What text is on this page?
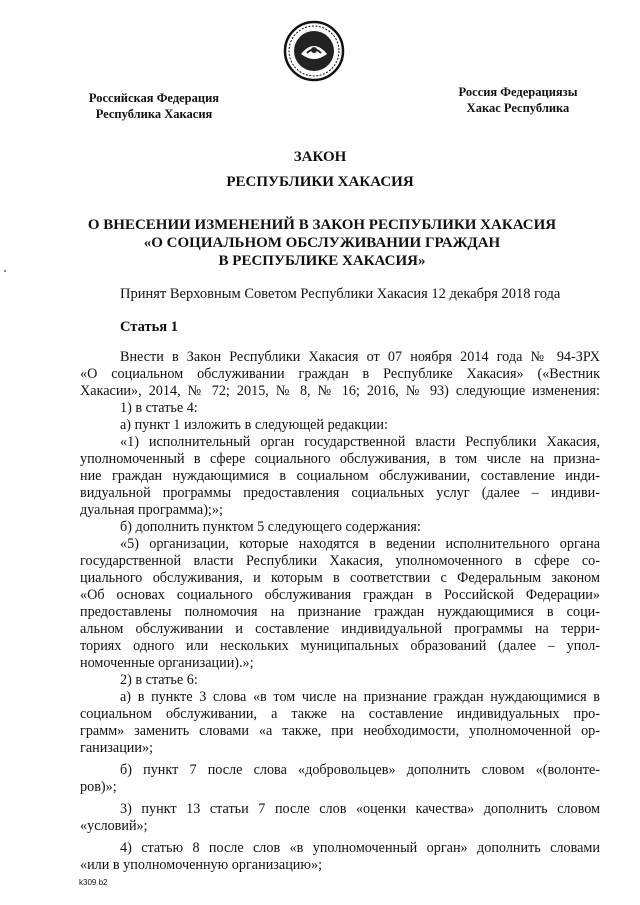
Российская Федерация
Республика Хакасия
Россия Федерациязы
Хакас Республика
ЗАКОН
РЕСПУБЛИКИ ХАКАСИЯ
О ВНЕСЕНИИ ИЗМЕНЕНИЙ В ЗАКОН РЕСПУБЛИКИ ХАКАСИЯ
«О СОЦИАЛЬНОМ ОБСЛУЖИВАНИИ ГРАЖДАН
В РЕСПУБЛИКЕ ХАКАСИЯ»
Принят Верховным Советом Республики Хакасия 12 декабря 2018 года
Статья 1
Внести в Закон Республики Хакасия от 07 ноября 2014 года № 94-ЗРХ
«О социальном обслуживании граждан в Республике Хакасия» («Вестник
Хакасии», 2014, № 72; 2015, № 8, № 16; 2016, № 93) следующие изменения:
1) в статье 4:
а) пункт 1 изложить в следующей редакции:
«1) исполнительный орган государственной власти Республики Хакасия,
уполномоченный в сфере социального обслуживания, в том числе на призна-
ние граждан нуждающимися в социальном обслуживании, составление инди-
видуальной программы предоставления социальных услуг (далее – индиви-
дуальная программа);»;
б) дополнить пунктом 5 следующего содержания:
«5) организации, которые находятся в ведении исполнительного органа
государственной власти Республики Хакасия, уполномоченного в сфере со-
циального обслуживания, и которым в соответствии с Федеральным законом
«Об основах социального обслуживания граждан в Российской Федерации»
предоставлены полномочия на признание граждан нуждающимися в соци-
альном обслуживании и составление индивидуальной программы на терри-
ториях одного или нескольких муниципальных образований (далее – упол-
номоченные организации).»;
2) в статье 6:
а) в пункте 3 слова «в том числе на признание граждан нуждающимися в
социальном обслуживании, а также на составление индивидуальных про-
грамм» заменить словами «а также, при необходимости, уполномоченной ор-
ганизации»;
б) пункт 7 после слова «добровольцев» дополнить словом «(волонте-
ров)»;
3) пункт 13 статьи 7 после слов «оценки качества» дополнить словом
«условий»;
4) статью 8 после слов «в уполномоченный орган» дополнить словами
«или в уполномоченную организацию»;
k309 b2
